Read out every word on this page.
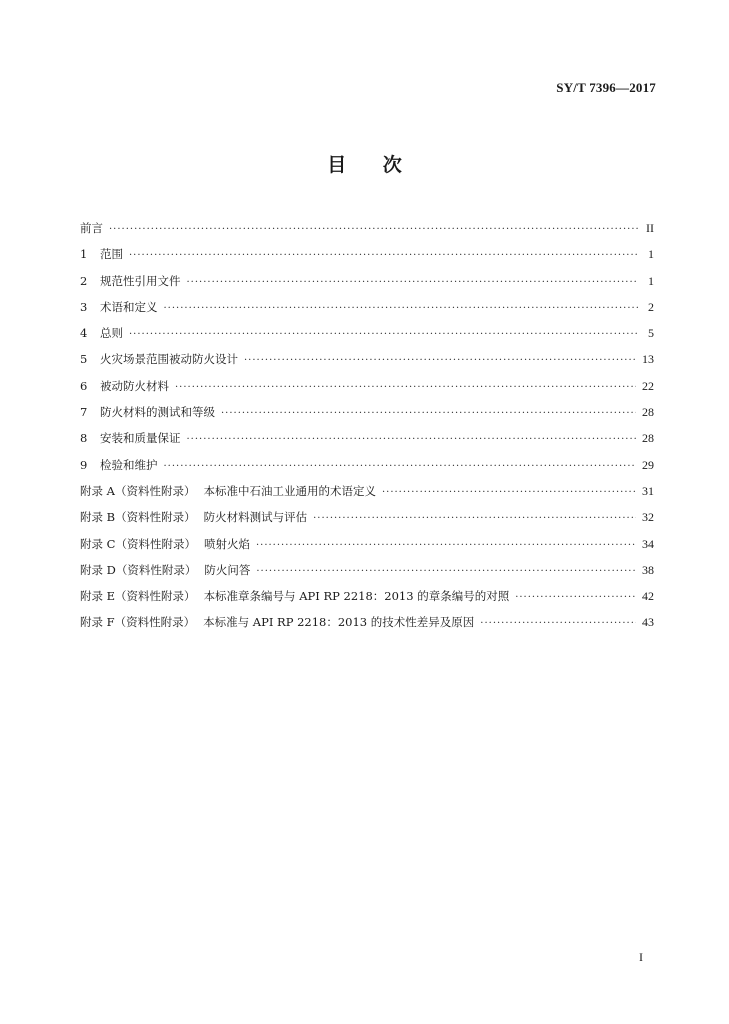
SY/T 7396—2017
目 次
前言 ·····	II
1	范围 ·····	1
2	规范性引用文件 ·····	1
3	术语和定义 ·····	2
4	总则 ·····	5
5	火灾场景范围被动防火设计 ·····	13
6	被动防火材料 ·····	22
7	防火材料的测试和等级 ·····	28
8	安装和质量保证 ·····	28
9	检验和维护 ·····	29
附录 A（资料性附录） 本标准中石油工业通用的术语定义 ·····	31
附录 B（资料性附录） 防火材料测试与评估 ·····	32
附录 C（资料性附录） 喷射火焰 ·····	34
附录 D（资料性附录） 防火问答 ·····	38
附录 E（资料性附录） 本标准章条编号与 API RP 2218：2013 的章条编号的对照 ·····	42
附录 F（资料性附录） 本标准与 API RP 2218：2013 的技术性差异及原因 ·····	43
I
